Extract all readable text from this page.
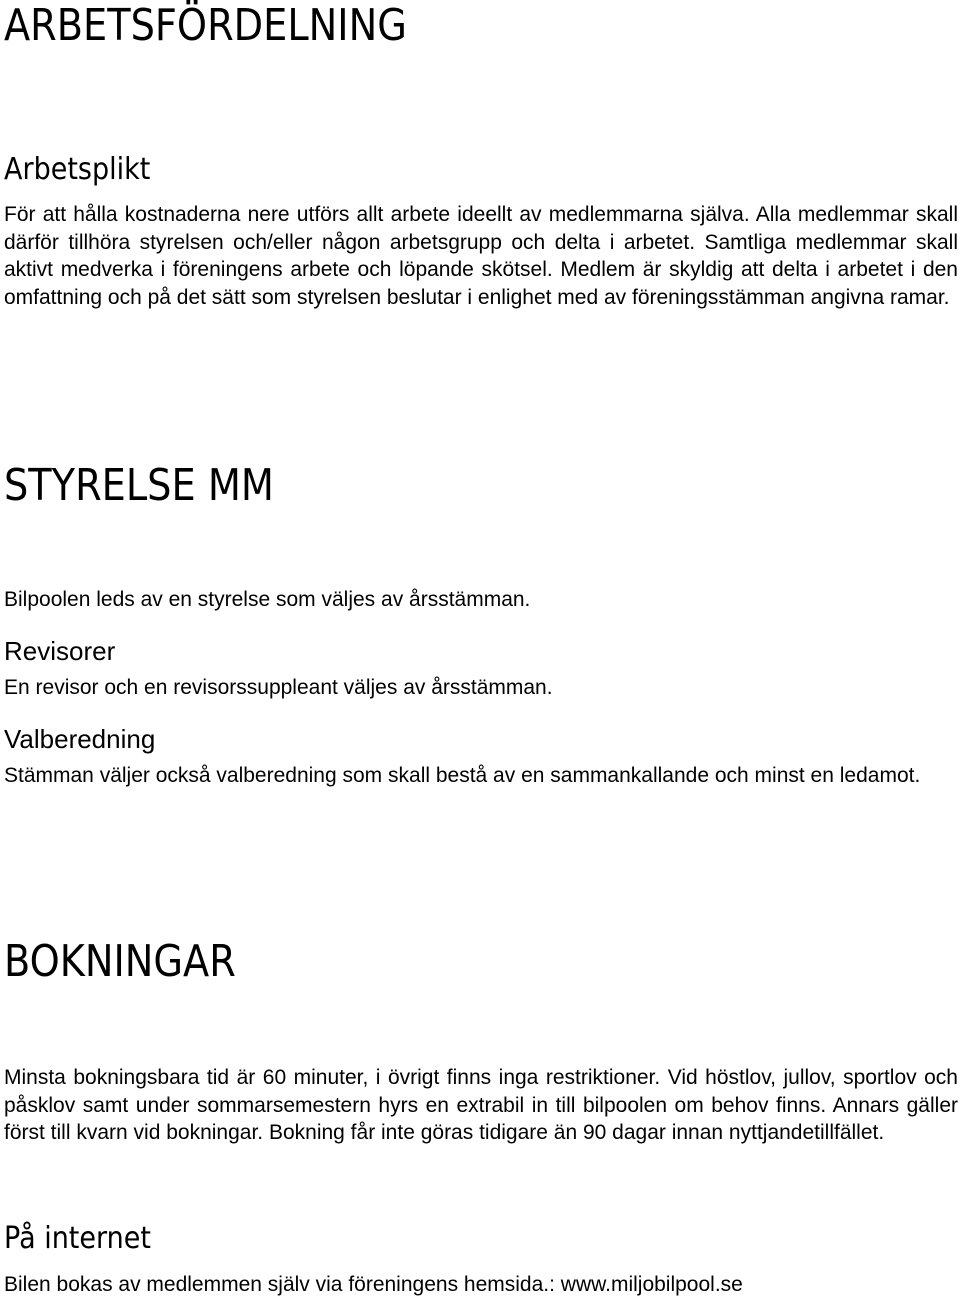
ARBETSFÖRDELNING
Arbetsplikt

För att hålla kostnaderna nere utförs allt arbete ideellt av medlemmarna själva. Alla medlemmar skall därför tillhöra styrelsen och/eller någon arbetsgrupp och delta i arbetet. Samtliga medlemmar skall aktivt medverka i föreningens arbete och löpande skötsel. Medlem är skyldig att delta i arbetet i den omfattning och på det sätt som styrelsen beslutar i enlighet med av föreningsstämman angivna ramar.

STYRELSE MM

Bilpoolen leds av en styrelse som väljes av årsstämman.

Revisorer

En revisor och en revisorssuppleant väljes av årsstämman.

Valberedning

Stämman väljer också valberedning som skall bestå av en sammankallande och minst en ledamot.

BOKNINGAR

Minsta bokningsbara tid är 60 minuter, i övrigt finns inga restriktioner. Vid höstlov, jullov, sportlov och påsklov samt under sommarsemestern hyrs en extrabil in till bilpoolen om behov finns. Annars gäller först till kvarn vid bokningar. Bokning får inte göras tidigare än 90 dagar innan nyttjandetillfället.

På internet

Bilen bokas av medlemmen själv via föreningens hemsida.: www.miljobilpool.se
